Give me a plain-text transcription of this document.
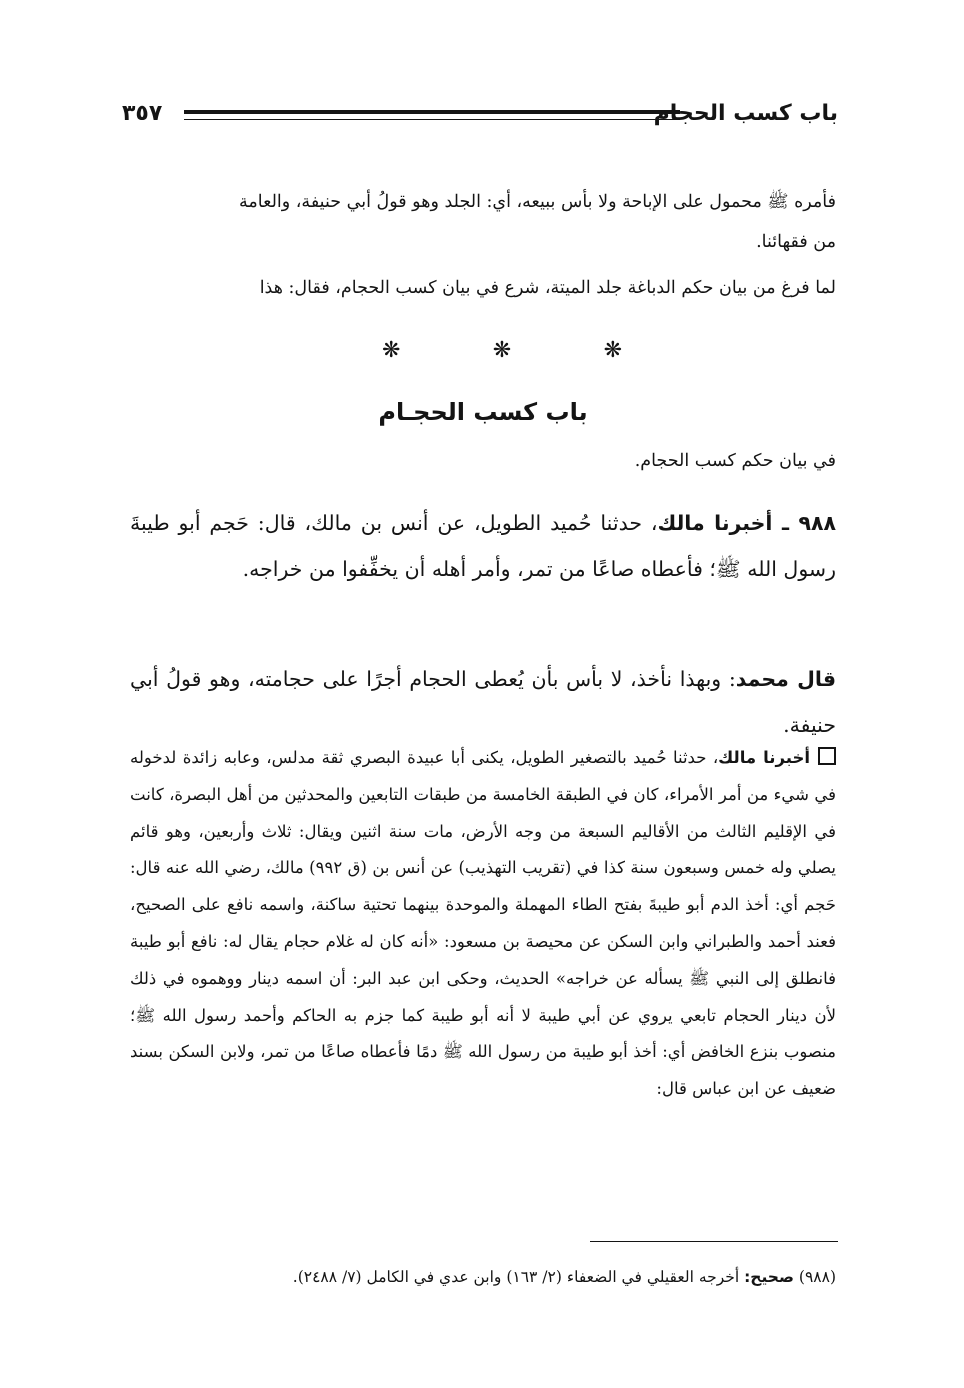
باب كسب الحجام
٣٥٧

فأمره ﷺ محمول على الإباحة ولا بأس ببيعه، أي: الجلد وهو قولُ أبي حنيفة، والعامة

من فقهائنا.

لما فرغ من بيان حكم الدباغة جلد الميتة، شرع في بيان كسب الحجام، فقال: هذا

❋	❋	❋
باب كسب الحجـام
في بيان حكم كسب الحجام.

٩٨٨ ـ أخبرنا مالك، حدثنا حُميد الطويل، عن أنس بن مالك، قال: حَجم أبو طيبةَ رسول الله ﷺ؛ فأعطاه صاعًا من تمر، وأمر أهله أن يخفِّفوا من خراجه.

قال محمد: وبهذا نأخذ، لا بأس بأن يُعطى الحجام أجرًا على حجامته، وهو قولُ أبي حنيفة.

أخبرنا مالك، حدثنا حُميد بالتصغير الطويل، يكنى أبا عبيدة البصري ثقة مدلس، وعابه زائدة لدخوله في شيء من أمر الأمراء، كان في الطبقة الخامسة من طبقات التابعين والمحدثين من أهل البصرة، كانت في الإقليم الثالث من الأقاليم السبعة من وجه الأرض، مات سنة اثنين ويقال: ثلاث وأربعين، وهو قائم يصلي وله خمس وسبعون سنة كذا في (تقريب التهذيب) عن أنس بن (ق ٩٩٢) مالك، رضي الله عنه قال: حَجم أي: أخذ الدم أبو طيبةَ بفتح الطاء المهملة والموحدة بينهما تحتية ساكنة، واسمه نافع على الصحيح، فعند أحمد والطبراني وابن السكن عن محيصة بن مسعود: «أنه كان له غلام حجام يقال له: نافع أبو طيبة فانطلق إلى النبي ﷺ يسأله عن خراجه» الحديث، وحكى ابن عبد البر: أن اسمه دينار ووهموه في ذلك لأن دينار الحجام تابعي يروي عن أبي طيبة لا أنه أبو طيبة كما جزم به الحاكم وأحمد رسول الله ﷺ؛ منصوب بنزع الخافض أي: أخذ أبو طيبة من رسول الله ﷺ دمًا فأعطاه صاعًا من تمر، ولابن السكن بسند ضعيف عن ابن عباس قال:

(٩٨٨) صحيح: أخرجه العقيلي في الضعفاء (٢/ ١٦٣) وابن عدي في الكامل (٧/ ٢٤٨٨).
